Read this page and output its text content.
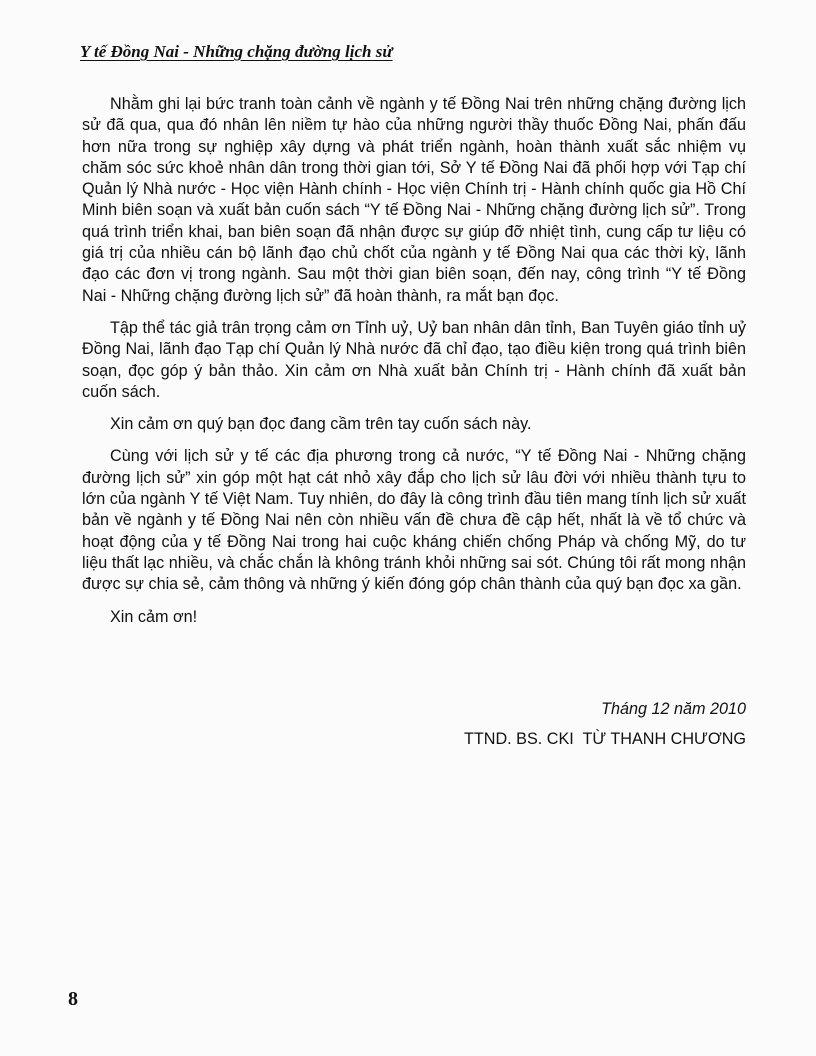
Y tế Đồng Nai - Những chặng đường lịch sử

Nhằm ghi lại bức tranh toàn cảnh về ngành y tế Đồng Nai trên những chặng đường lịch sử đã qua, qua đó nhân lên niềm tự hào của những người thầy thuốc Đồng Nai, phấn đấu hơn nữa trong sự nghiệp xây dựng và phát triển ngành, hoàn thành xuất sắc nhiệm vụ chăm sóc sức khoẻ nhân dân trong thời gian tới, Sở Y tế Đồng Nai đã phối hợp với Tạp chí Quản lý Nhà nước - Học viện Hành chính - Học viện Chính trị - Hành chính quốc gia Hồ Chí Minh biên soạn và xuất bản cuốn sách “Y tế Đồng Nai - Những chặng đường lịch sử”. Trong quá trình triển khai, ban biên soạn đã nhận được sự giúp đỡ nhiệt tình, cung cấp tư liệu có giá trị của nhiều cán bộ lãnh đạo chủ chốt của ngành y tế Đồng Nai qua các thời kỳ, lãnh đạo các đơn vị trong ngành. Sau một thời gian biên soạn, đến nay, công trình “Y tế Đồng Nai - Những chặng đường lịch sử” đã hoàn thành, ra mắt bạn đọc.

Tập thể tác giả trân trọng cảm ơn Tỉnh uỷ, Uỷ ban nhân dân tỉnh, Ban Tuyên giáo tỉnh uỷ Đồng Nai, lãnh đạo Tạp chí Quản lý Nhà nước đã chỉ đạo, tạo điều kiện trong quá trình biên soạn, đọc góp ý bản thảo. Xin cảm ơn Nhà xuất bản Chính trị - Hành chính đã xuất bản cuốn sách.

Xin cảm ơn quý bạn đọc đang cầm trên tay cuốn sách này.

Cùng với lịch sử y tế các địa phương trong cả nước, “Y tế Đồng Nai - Những chặng đường lịch sử” xin góp một hạt cát nhỏ xây đắp cho lịch sử lâu đời với nhiều thành tựu to lớn của ngành Y tế Việt Nam. Tuy nhiên, do đây là công trình đầu tiên mang tính lịch sử xuất bản về ngành y tế Đồng Nai nên còn nhiều vấn đề chưa đề cập hết, nhất là về tổ chức và hoạt động của y tế Đồng Nai trong hai cuộc kháng chiến chống Pháp và chống Mỹ, do tư liệu thất lạc nhiều, và chắc chắn là không tránh khỏi những sai sót. Chúng tôi rất mong nhận được sự chia sẻ, cảm thông và những ý kiến đóng góp chân thành của quý bạn đọc xa gần.

Xin cảm ơn!

Tháng 12 năm 2010
TTND. BS. CKI  TỪ THANH CHƯƠNG
8
